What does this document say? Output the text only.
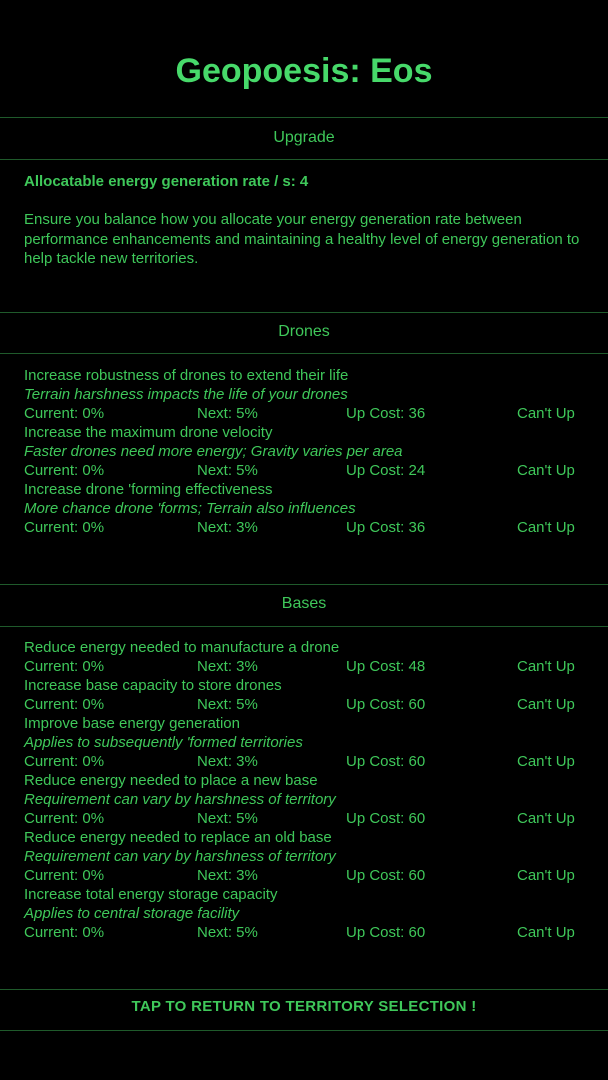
Geopoesis: Eos
Upgrade
Allocatable energy generation rate / s: 4
Ensure you balance how you allocate your energy generation rate between performance enhancements and maintaining a healthy level of energy generation to help tackle new territories.
Drones
Increase robustness of drones to extend their life
Terrain harshness impacts the life of your drones
Current: 0%	Next: 5%	Up Cost: 36	Can't Up
Increase the maximum drone velocity
Faster drones need more energy; Gravity varies per area
Current: 0%	Next: 5%	Up Cost: 24	Can't Up
Increase drone 'forming effectiveness
More chance drone 'forms; Terrain also influences
Current: 0%	Next: 3%	Up Cost: 36	Can't Up
Bases
Reduce energy needed to manufacture a drone
Current: 0%	Next: 3%	Up Cost: 48	Can't Up
Increase base capacity to store drones
Current: 0%	Next: 5%	Up Cost: 60	Can't Up
Improve base energy generation
Applies to subsequently 'formed territories
Current: 0%	Next: 3%	Up Cost: 60	Can't Up
Reduce energy needed to place a new base
Requirement can vary by harshness of territory
Current: 0%	Next: 5%	Up Cost: 60	Can't Up
Reduce energy needed to replace an old base
Requirement can vary by harshness of territory
Current: 0%	Next: 3%	Up Cost: 60	Can't Up
Increase total energy storage capacity
Applies to central storage facility
Current: 0%	Next: 5%	Up Cost: 60	Can't Up
TAP TO RETURN TO TERRITORY SELECTION !
